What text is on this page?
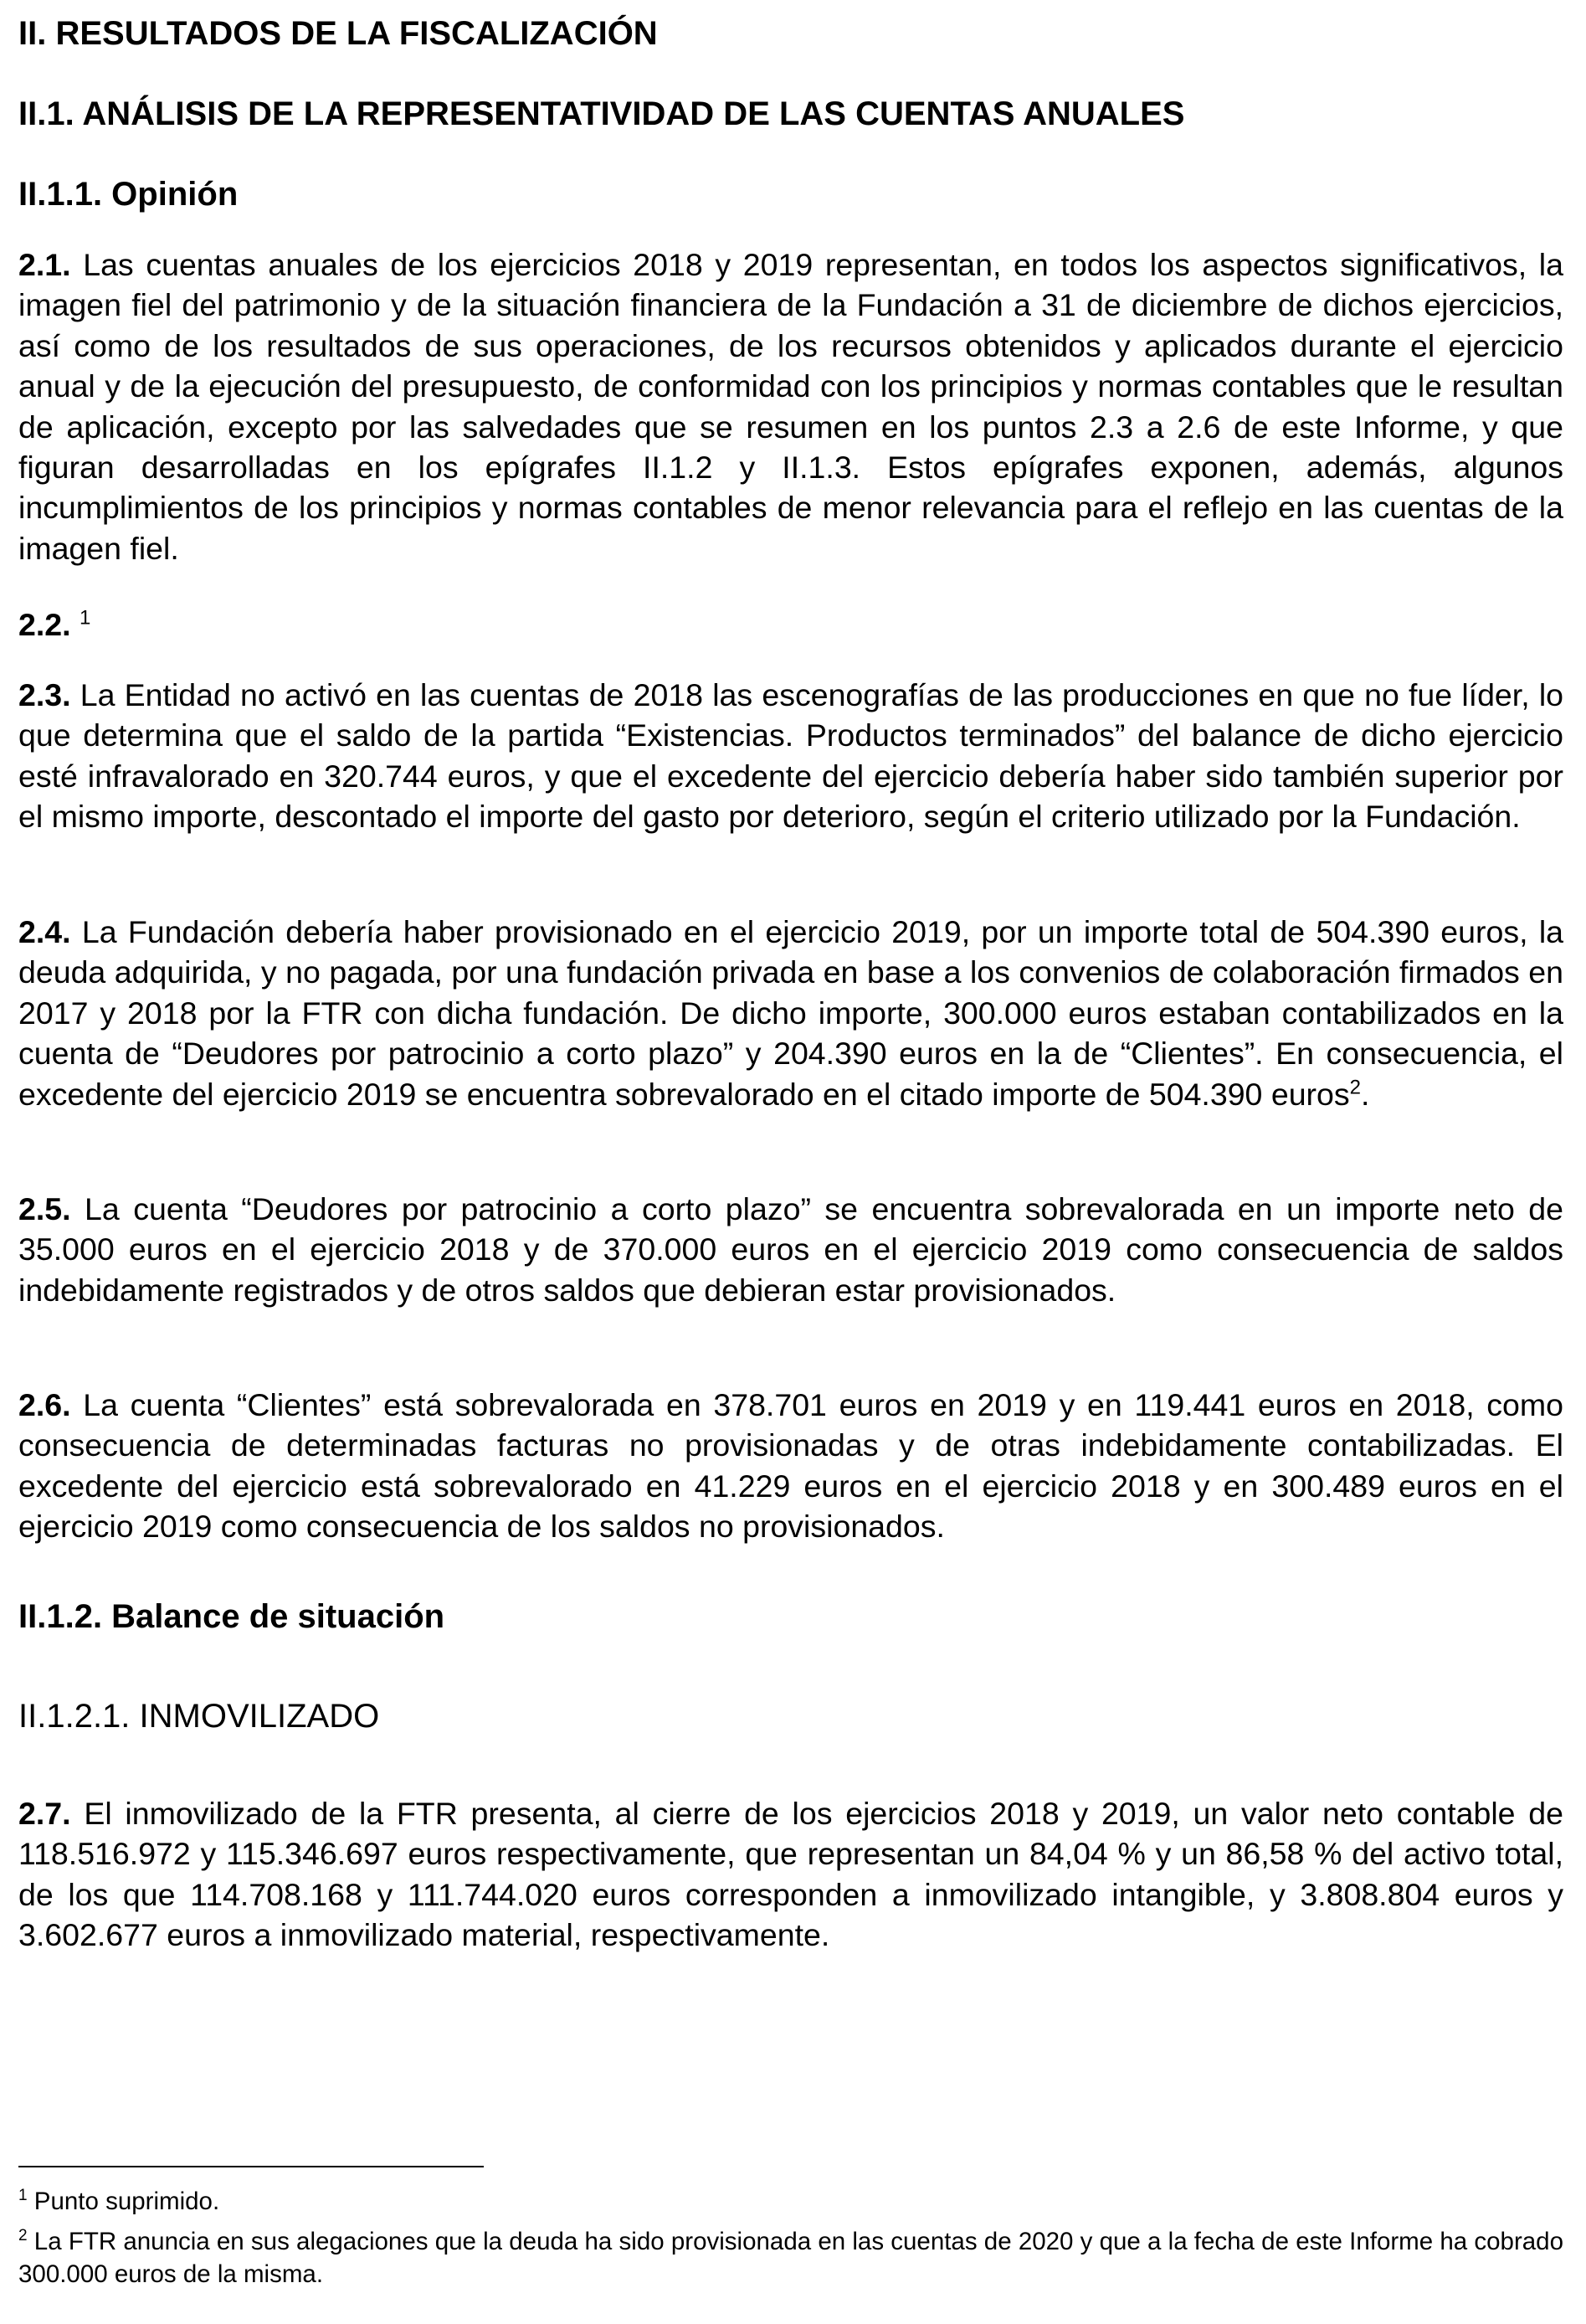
II. RESULTADOS DE LA FISCALIZACIÓN
II.1. ANÁLISIS DE LA REPRESENTATIVIDAD DE LAS CUENTAS ANUALES
II.1.1. Opinión

2.1. Las cuentas anuales de los ejercicios 2018 y 2019 representan, en todos los aspectos significativos, la imagen fiel del patrimonio y de la situación financiera de la Fundación a 31 de diciembre de dichos ejercicios, así como de los resultados de sus operaciones, de los recursos obtenidos y aplicados durante el ejercicio anual y de la ejecución del presupuesto, de conformidad con los principios y normas contables que le resultan de aplicación, excepto por las salvedades que se resumen en los puntos 2.3 a 2.6 de este Informe, y que figuran desarrolladas en los epígrafes II.1.2 y II.1.3. Estos epígrafes exponen, además, algunos incumplimientos de los principios y normas contables de menor relevancia para el reflejo en las cuentas de la imagen fiel.

2.2. $^1$

2.3. La Entidad no activó en las cuentas de 2018 las escenografías de las producciones en que no fue líder, lo que determina que el saldo de la partida “Existencias. Productos terminados” del balance de dicho ejercicio esté infravalorado en 320.744 euros, y que el excedente del ejercicio debería haber sido también superior por el mismo importe, descontado el importe del gasto por deterioro, según el criterio utilizado por la Fundación.

2.4. La Fundación debería haber provisionado en el ejercicio 2019, por un importe total de 504.390 euros, la deuda adquirida, y no pagada, por una fundación privada en base a los convenios de colaboración firmados en 2017 y 2018 por la FTR con dicha fundación. De dicho importe, 300.000 euros estaban contabilizados en la cuenta de “Deudores por patrocinio a corto plazo” y 204.390 euros en la de “Clientes”. En consecuencia, el excedente del ejercicio 2019 se encuentra sobrevalorado en el citado importe de 504.390 euros$^2$.

2.5. La cuenta “Deudores por patrocinio a corto plazo” se encuentra sobrevalorada en un importe neto de 35.000 euros en el ejercicio 2018 y de 370.000 euros en el ejercicio 2019 como consecuencia de saldos indebidamente registrados y de otros saldos que debieran estar provisionados.

2.6. La cuenta “Clientes” está sobrevalorada en 378.701 euros en 2019 y en 119.441 euros en 2018, como consecuencia de determinadas facturas no provisionadas y de otras indebidamente contabilizadas. El excedente del ejercicio está sobrevalorado en 41.229 euros en el ejercicio 2018 y en 300.489 euros en el ejercicio 2019 como consecuencia de los saldos no provisionados.

II.1.2. Balance de situación
II.1.2.1. INMOVILIZADO

2.7. El inmovilizado de la FTR presenta, al cierre de los ejercicios 2018 y 2019, un valor neto contable de 118.516.972 y 115.346.697 euros respectivamente, que representan un 84,04 % y un 86,58 % del activo total, de los que 114.708.168 y 111.744.020 euros corresponden a inmovilizado intangible, y 3.808.804 euros y 3.602.677 euros a inmovilizado material, respectivamente.

$^1$ Punto suprimido.

$^2$ La FTR anuncia en sus alegaciones que la deuda ha sido provisionada en las cuentas de 2020 y que a la fecha de este Informe ha cobrado 300.000 euros de la misma.
